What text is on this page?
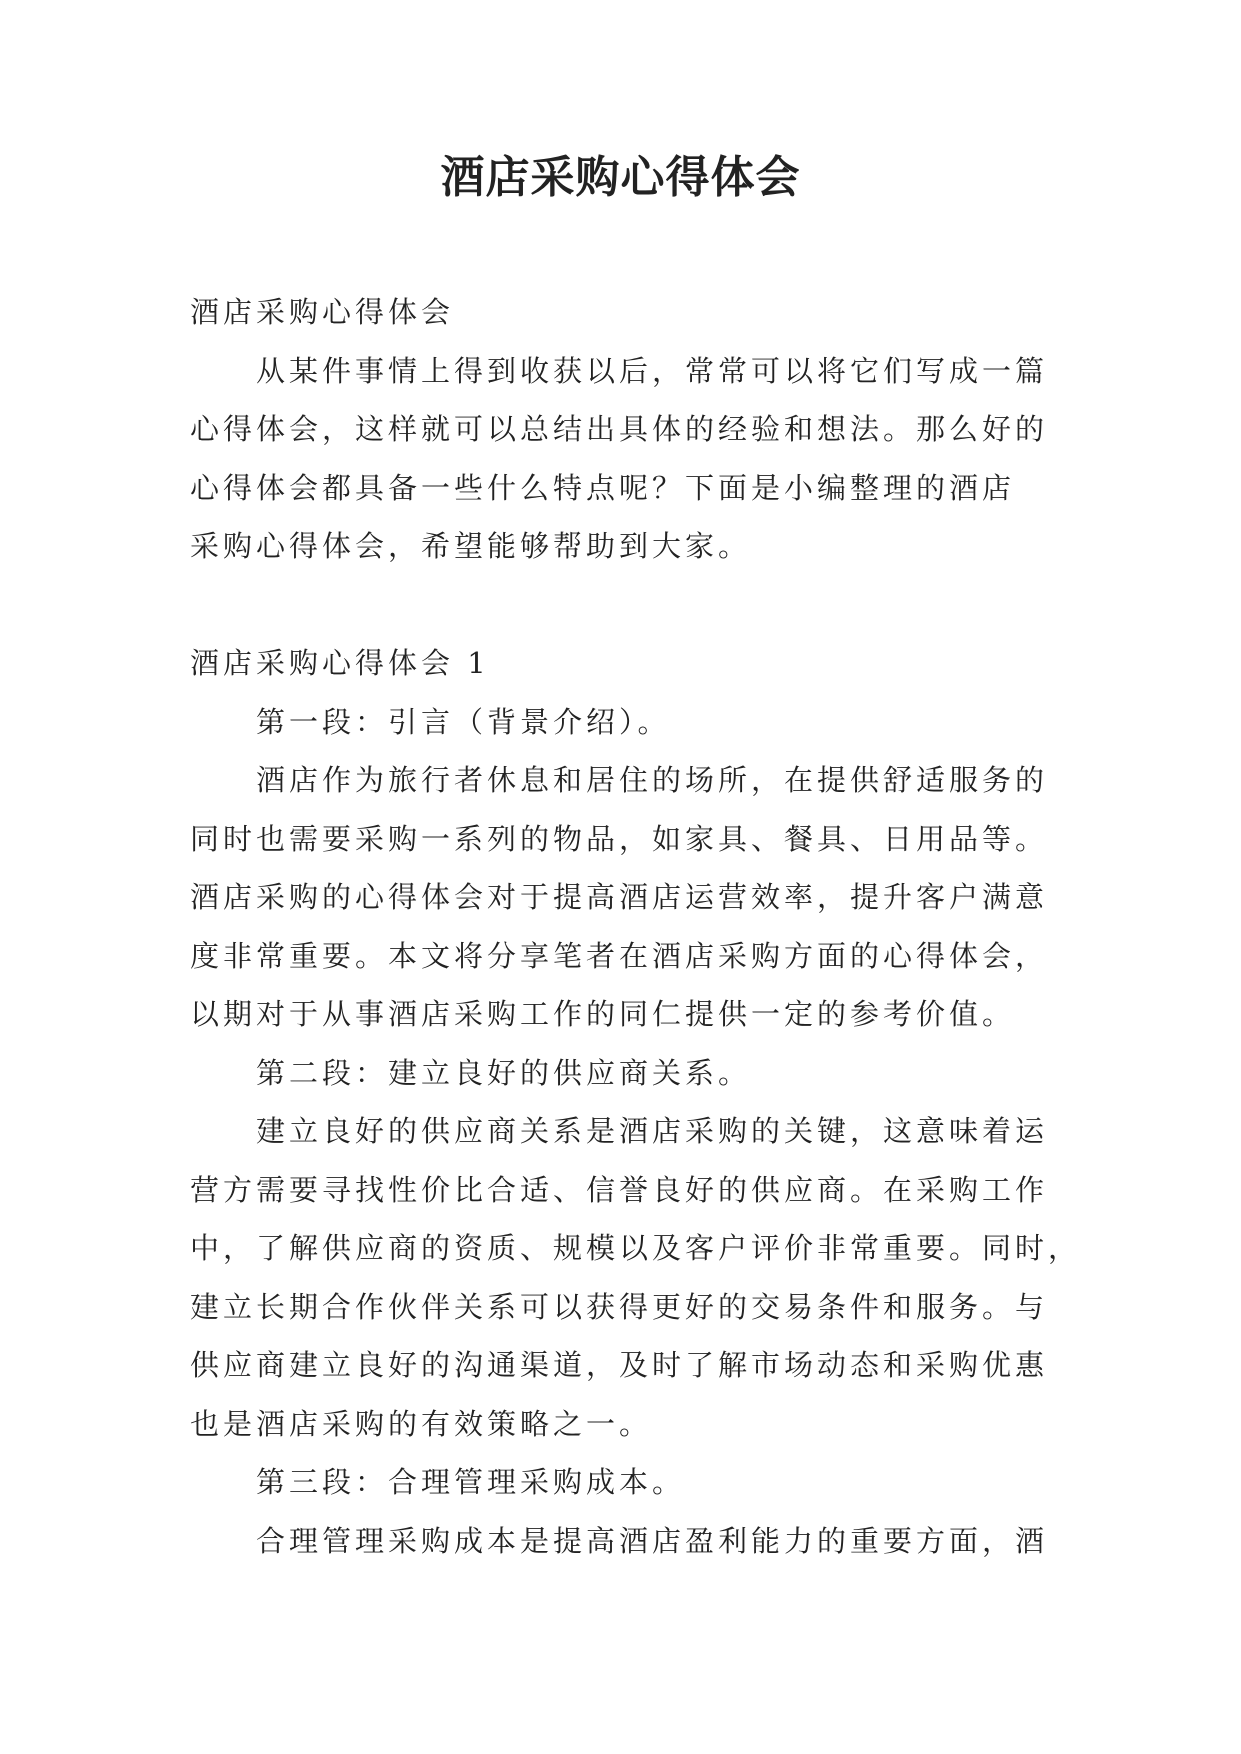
酒店采购心得体会
酒店采购心得体会
　　从某件事情上得到收获以后，常常可以将它们写成一篇
心得体会，这样就可以总结出具体的经验和想法。那么好的
心得体会都具备一些什么特点呢？下面是小编整理的酒店
采购心得体会，希望能够帮助到大家。
酒店采购心得体会 1
　　第一段：引言（背景介绍）。
　　酒店作为旅行者休息和居住的场所，在提供舒适服务的
同时也需要采购一系列的物品，如家具、餐具、日用品等。
酒店采购的心得体会对于提高酒店运营效率，提升客户满意
度非常重要。本文将分享笔者在酒店采购方面的心得体会，
以期对于从事酒店采购工作的同仁提供一定的参考价值。
　　第二段：建立良好的供应商关系。
　　建立良好的供应商关系是酒店采购的关键，这意味着运
营方需要寻找性价比合适、信誉良好的供应商。在采购工作
中，了解供应商的资质、规模以及客户评价非常重要。同时，
建立长期合作伙伴关系可以获得更好的交易条件和服务。与
供应商建立良好的沟通渠道，及时了解市场动态和采购优惠
也是酒店采购的有效策略之一。
　　第三段：合理管理采购成本。
　　合理管理采购成本是提高酒店盈利能力的重要方面，酒
